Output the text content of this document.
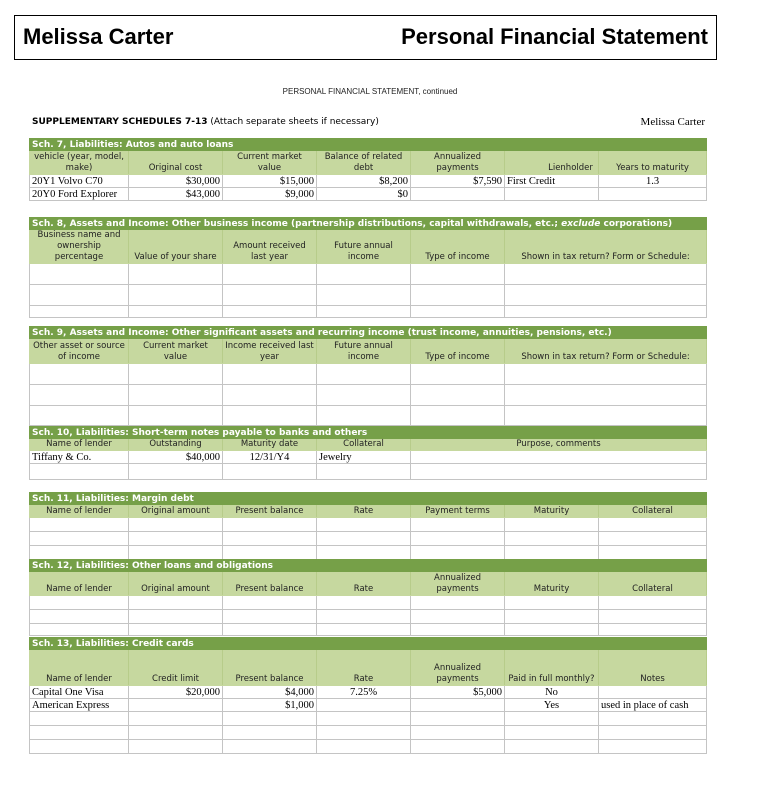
Melissa Carter	Personal Financial Statement
PERSONAL FINANCIAL STATEMENT, continued
SUPPLEMENTARY SCHEDULES 7-13 (Attach separate sheets if necessary)	Melissa Carter
Sch. 7, Liabilities: Autos and auto loans						
vehicle (year, model, make)	Original cost	Current market value	Balance of related debt	Annualized payments	Lienholder	Years to maturity
20Y1 Volvo C70	$30,000	$15,000	$8,200	$7,590	First Credit	1.3
20Y0 Ford Explorer	$43,000	$9,000	$0			
Sch. 8, Assets and Income: Other business income (partnership distributions, capital withdrawals, etc.; exclude corporations)					
Business name and ownership percentage	Value of your share	Amount received last year	Future annual income	Type of income	Shown in tax return? Form or Schedule:

Sch. 9, Assets and Income: Other significant assets and recurring income (trust income, annuities, pensions, etc.)					
Other asset or source of income	Current market value	Income received last year	Future annual income	Type of income	Shown in tax return? Form or Schedule:

Sch. 10, Liabilities: Short-term notes payable to banks and others				
Name of lender	Outstanding	Maturity date	Collateral	Purpose, comments
Tiffany & Co.	$40,000	12/31/Y4	Jewelry	

Sch. 11, Liabilities: Margin debt						
Name of lender	Original amount	Present balance	Rate	Payment terms	Maturity	Collateral

Sch. 12, Liabilities: Other loans and obligations						
Name of lender	Original amount	Present balance	Rate	Annualized payments	Maturity	Collateral

Sch. 13, Liabilities: Credit cards						
Name of lender	Credit limit	Present balance	Rate	Annualized payments	Paid in full monthly?	Notes
Capital One Visa	$20,000	$4,000	7.25%	$5,000	No	
American Express		$1,000			Yes	used in place of cash
